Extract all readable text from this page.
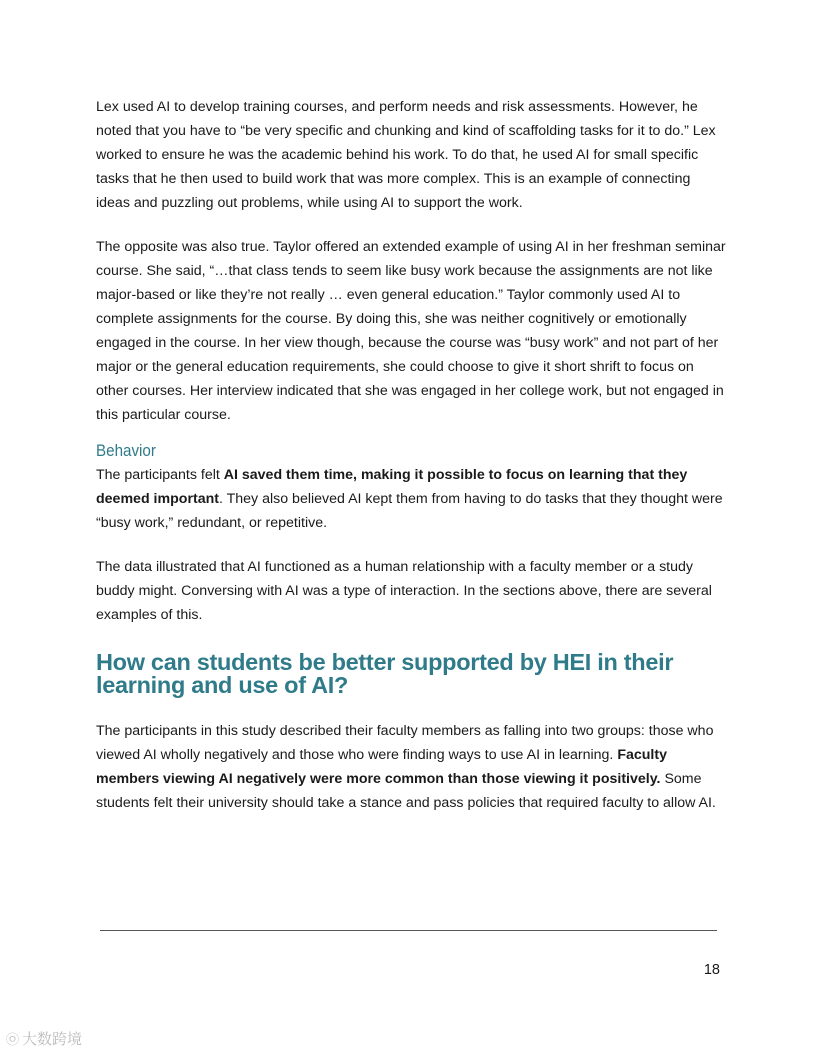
Lex used AI to develop training courses, and perform needs and risk assessments. However, he noted that you have to “be very specific and chunking and kind of scaffolding tasks for it to do.” Lex worked to ensure he was the academic behind his work. To do that, he used AI for small specific tasks that he then used to build work that was more complex. This is an example of connecting ideas and puzzling out problems, while using AI to support the work.

The opposite was also true. Taylor offered an extended example of using AI in her freshman seminar course. She said, “…that class tends to seem like busy work because the assignments are not like major-based or like they’re not really … even general education.” Taylor commonly used AI to complete assignments for the course. By doing this, she was neither cognitively or emotionally engaged in the course. In her view though, because the course was “busy work” and not part of her major or the general education requirements, she could choose to give it short shrift to focus on other courses. Her interview indicated that she was engaged in her college work, but not engaged in this particular course.

Behavior

The participants felt AI saved them time, making it possible to focus on learning that they deemed important. They also believed AI kept them from having to do tasks that they thought were “busy work,” redundant, or repetitive.

The data illustrated that AI functioned as a human relationship with a faculty member or a study buddy might. Conversing with AI was a type of interaction. In the sections above, there are several examples of this.

How can students be better supported by HEI in their learning and use of AI?

The participants in this study described their faculty members as falling into two groups: those who viewed AI wholly negatively and those who were finding ways to use AI in learning. Faculty members viewing AI negatively were more common than those viewing it positively. Some students felt their university should take a stance and pass policies that required faculty to allow AI.

18
㉧ 大数跨境
